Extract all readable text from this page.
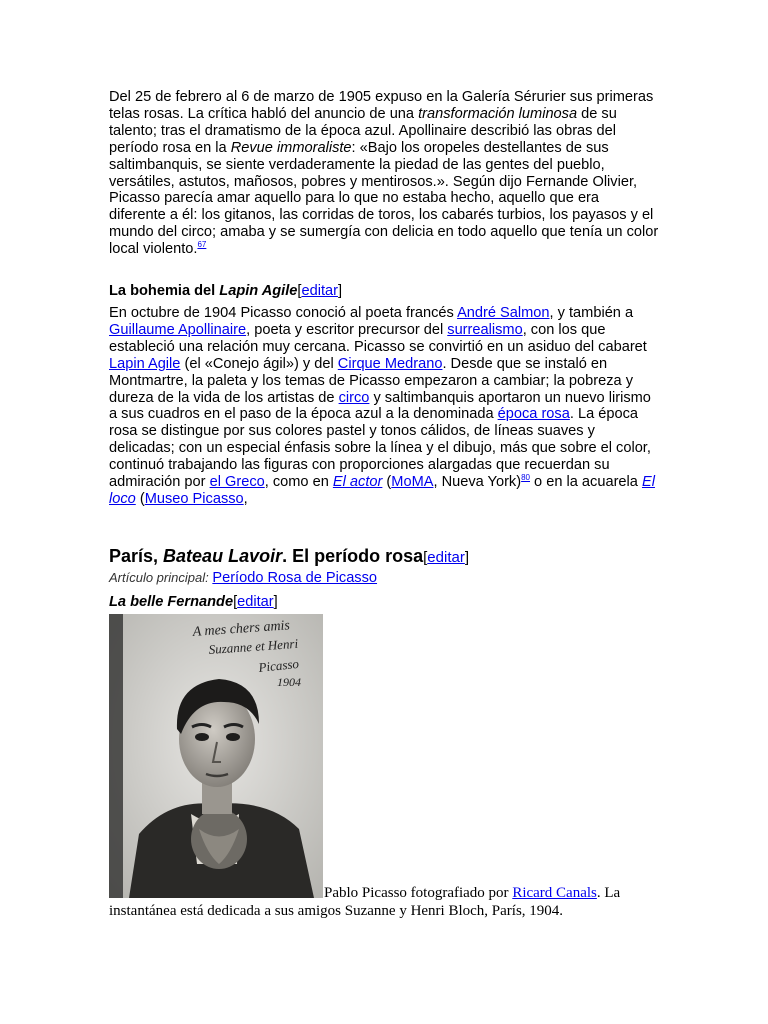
Del 25 de febrero al 6 de marzo de 1905 expuso en la Galería Sérurier sus primeras telas rosas. La crítica habló del anuncio de una transformación luminosa de su talento; tras el dramatismo de la época azul. Apollinaire describió las obras del período rosa en la Revue immoraliste: «Bajo los oropeles destellantes de sus saltimbanquis, se siente verdaderamente la piedad de las gentes del pueblo, versátiles, astutos, mañosos, pobres y mentirosos.». Según dijo Fernande Olivier, Picasso parecía amar aquello para lo que no estaba hecho, aquello que era diferente a él: los gitanos, las corridas de toros, los cabarés turbios, los payasos y el mundo del circo; amaba y se sumergía con delicia en todo aquello que tenía un color local violento.$^{67}$

La bohemia del Lapin Agile[editar]

En octubre de 1904 Picasso conoció al poeta francés André Salmon, y también a Guillaume Apollinaire, poeta y escritor precursor del surrealismo, con los que estableció una relación muy cercana. Picasso se convirtió en un asiduo del cabaret Lapin Agile (el «Conejo ágil») y del Cirque Medrano. Desde que se instaló en Montmartre, la paleta y los temas de Picasso empezaron a cambiar; la pobreza y dureza de la vida de los artistas de circo y saltimbanquis aportaron un nuevo lirismo a sus cuadros en el paso de la época azul a la denominada época rosa. La época rosa se distingue por sus colores pastel y tonos cálidos, de líneas suaves y delicadas; con un especial énfasis sobre la línea y el dibujo, más que sobre el color, continuó trabajando las figuras con proporciones alargadas que recuerdan su admiración por el Greco, como en El actor (MoMA, Nueva York)$^{80}$ o en la acuarela El loco (Museo Picasso,

París, Bateau Lavoir. El período rosa[editar]

Artículo principal: Período Rosa de Picasso

La belle Fernande[editar]
A mes chers amis
Suzanne et Henri
Picasso
1904
Pablo Picasso fotografiado por Ricard Canals. La instantánea está dedicada a sus amigos Suzanne y Henri Bloch, París, 1904.
